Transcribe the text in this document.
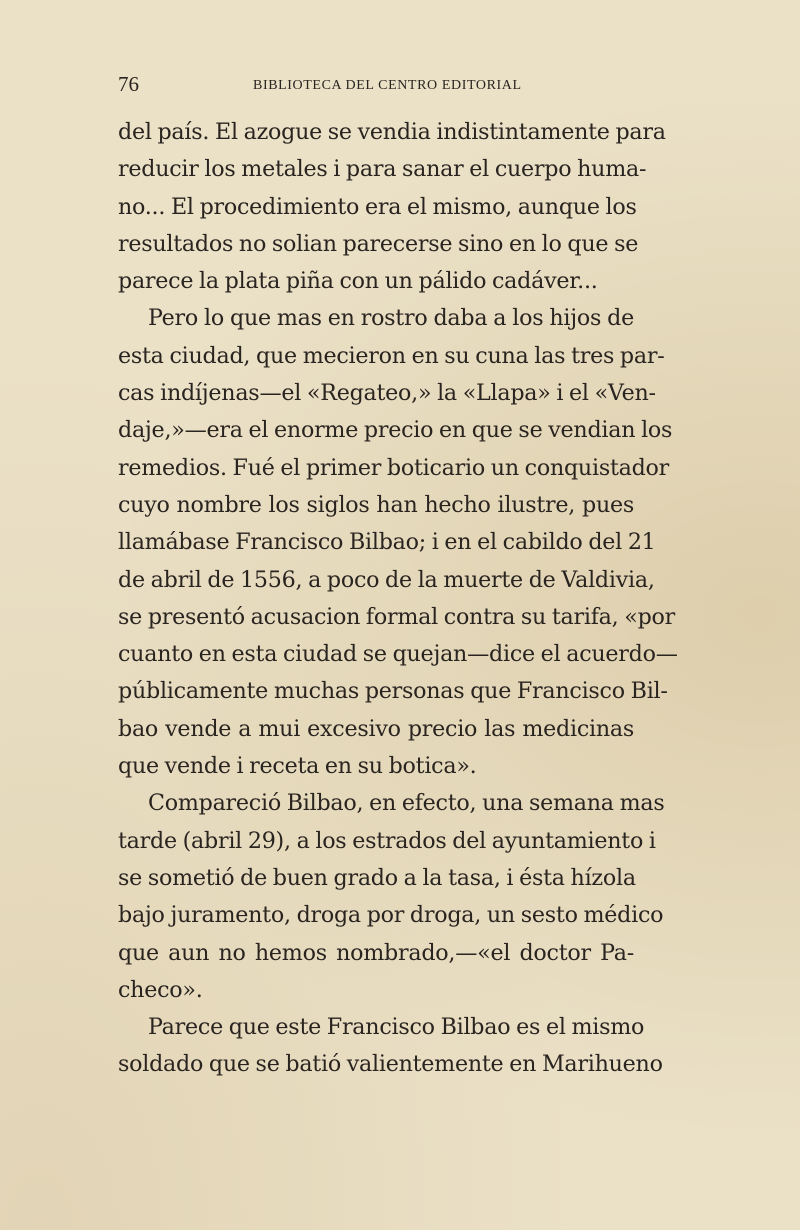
76	BIBLIOTECA DEL CENTRO EDITORIAL
del país. El azogue se vendia indistintamente para
reducir los metales i para sanar el cuerpo huma-
no... El procedimiento era el mismo, aunque los
resultados no solian parecerse sino en lo que se
parece la plata piña con un pálido cadáver...
Pero lo que mas en rostro daba a los hijos de
esta ciudad, que mecieron en su cuna las tres par-
cas indíjenas—el «Regateo,» la «Llapa» i el «Ven-
daje,»—era el enorme precio en que se vendian los
remedios. Fué el primer boticario un conquistador
cuyo nombre los siglos han hecho ilustre, pues
llamábase Francisco Bilbao; i en el cabildo del 21
de abril de 1556, a poco de la muerte de Valdivia,
se presentó acusacion formal contra su tarifa, «por
cuanto en esta ciudad se quejan—dice el acuerdo—
públicamente muchas personas que Francisco Bil-
bao vende a mui excesivo precio las medicinas
que vende i receta en su botica».
Compareció Bilbao, en efecto, una semana mas
tarde (abril 29), a los estrados del ayuntamiento i
se sometió de buen grado a la tasa, i ésta hízola
bajo juramento, droga por droga, un sesto médico
que aun no hemos nombrado,—«el doctor Pa-
checo».
Parece que este Francisco Bilbao es el mismo
soldado que se batió valientemente en Marihueno
